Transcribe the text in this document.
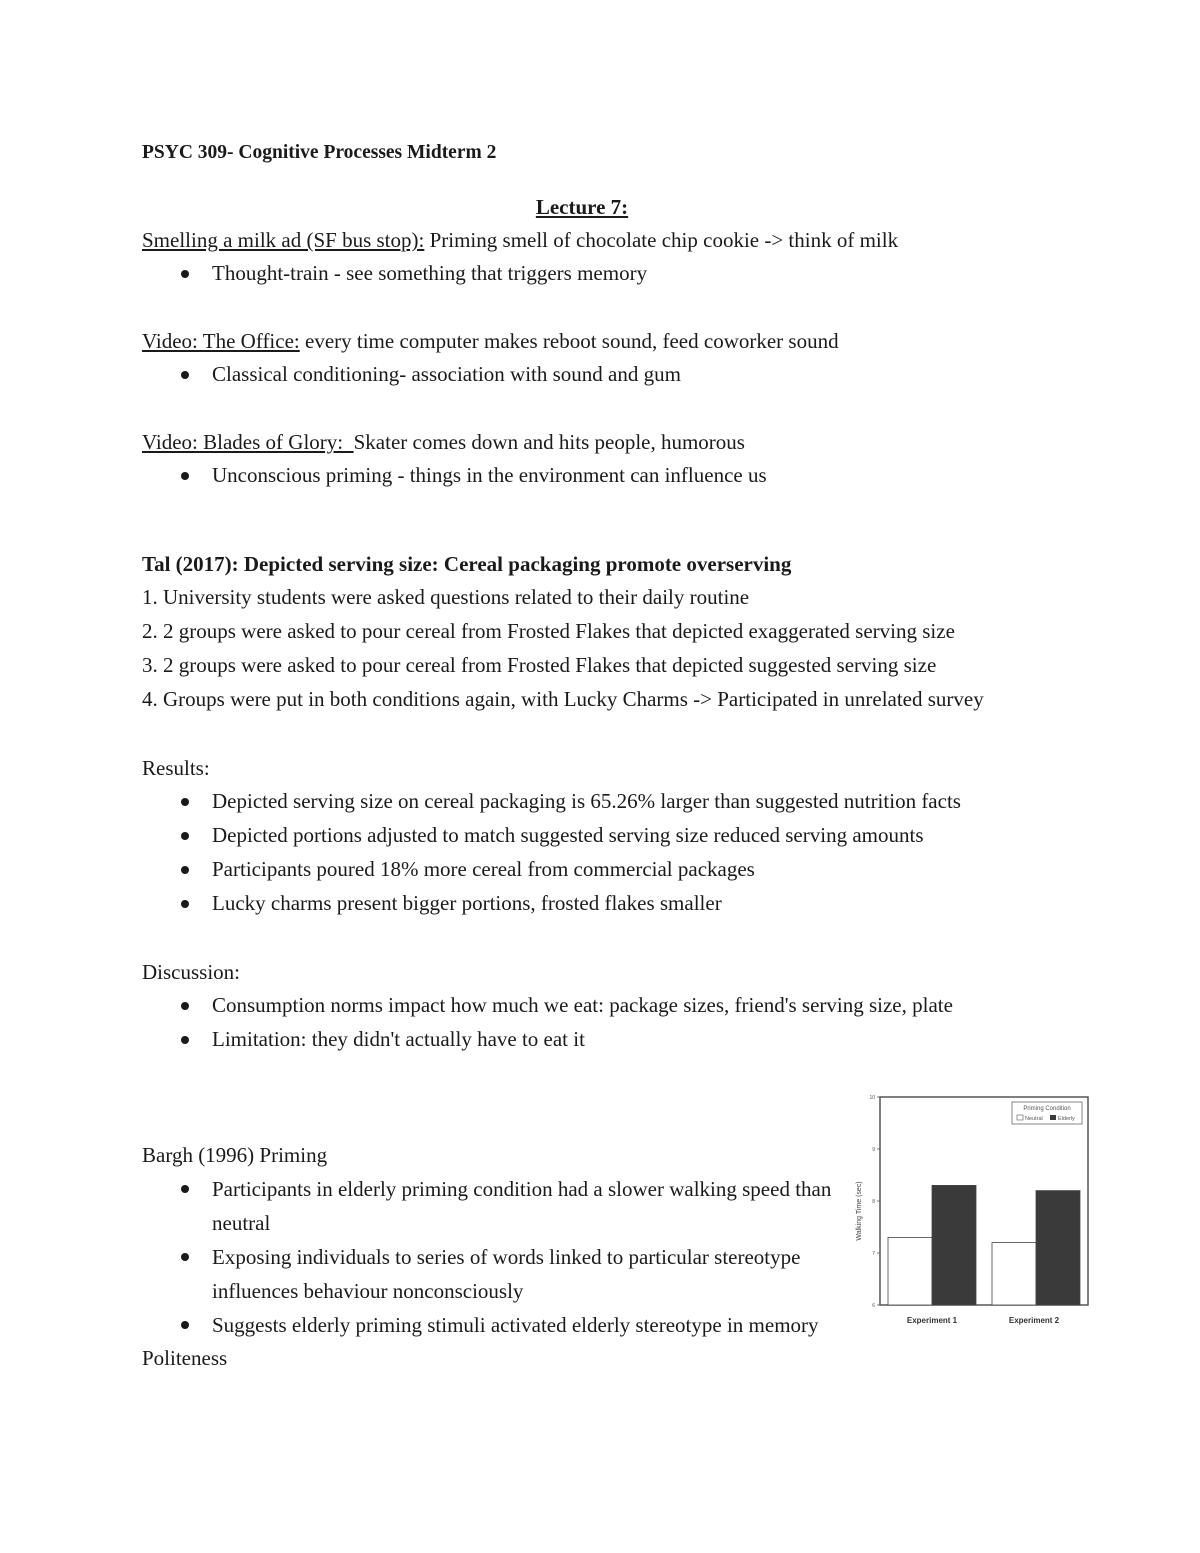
PSYC 309- Cognitive Processes Midterm 2

Lecture 7:

Smelling a milk ad (SF bus stop): Priming smell of chocolate chip cookie -> think of milk

Thought-train - see something that triggers memory

Video: The Office: every time computer makes reboot sound, feed coworker sound

Classical conditioning- association with sound and gum

Video: Blades of Glory:  Skater comes down and hits people, humorous

Unconscious priming - things in the environment can influence us

Tal (2017): Depicted serving size: Cereal packaging promote overserving

1. University students were asked questions related to their daily routine

2. 2 groups were asked to pour cereal from Frosted Flakes that depicted exaggerated serving size

3. 2 groups were asked to pour cereal from Frosted Flakes that depicted suggested serving size

4. Groups were put in both conditions again, with Lucky Charms -> Participated in unrelated survey

Results:

Depicted serving size on cereal packaging is 65.26% larger than suggested nutrition facts
Depicted portions adjusted to match suggested serving size reduced serving amounts
Participants poured 18% more cereal from commercial packages
Lucky charms present bigger portions, frosted flakes smaller

Discussion:

Consumption norms impact how much we eat: package sizes, friend's serving size, plate
Limitation: they didn't actually have to eat it

Bargh (1996) Priming

Participants in elderly priming condition had a slower walking speed than neutral
Exposing individuals to series of words linked to particular stereotype influences behaviour nonconsciously
Suggests elderly priming stimuli activated elderly stereotype in memory

Politeness

6
7
8
9
10
Walking Time (sec)
Priming Condition
Neutral	Elderly
Experiment 1	Experiment 2
